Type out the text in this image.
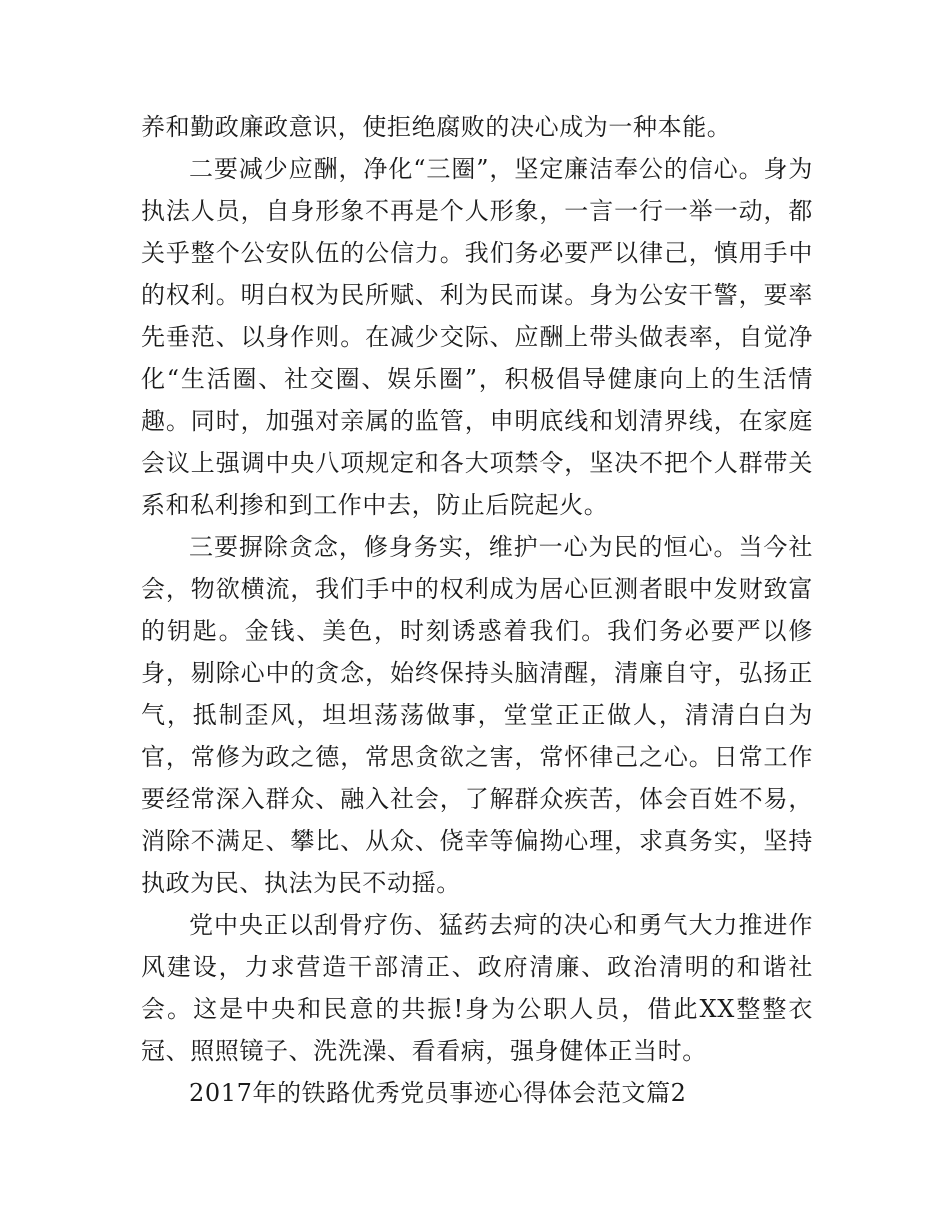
养和勤政廉政意识，使拒绝腐败的决心成为一种本能。

二要减少应酬，净化“三圈”，坚定廉洁奉公的信心。身为执法人员，自身形象不再是个人形象，一言一行一举一动，都关乎整个公安队伍的公信力。我们务必要严以律己，慎用手中的权利。明白权为民所赋、利为民而谋。身为公安干警，要率先垂范、以身作则。在减少交际、应酬上带头做表率，自觉净化“生活圈、社交圈、娱乐圈”，积极倡导健康向上的生活情趣。同时，加强对亲属的监管，申明底线和划清界线，在家庭会议上强调中央八项规定和各大项禁令，坚决不把个人群带关系和私利掺和到工作中去，防止后院起火。

三要摒除贪念，修身务实，维护一心为民的恒心。当今社会，物欲横流，我们手中的权利成为居心叵测者眼中发财致富的钥匙。金钱、美色，时刻诱惑着我们。我们务必要严以修身，剔除心中的贪念，始终保持头脑清醒，清廉自守，弘扬正气，抵制歪风，坦坦荡荡做事，堂堂正正做人，清清白白为官，常修为政之德，常思贪欲之害，常怀律己之心。日常工作要经常深入群众、融入社会，了解群众疾苦，体会百姓不易，消除不满足、攀比、从众、侥幸等偏拗心理，求真务实，坚持执政为民、执法为民不动摇。

党中央正以刮骨疗伤、猛药去疴的决心和勇气大力推进作风建设，力求营造干部清正、政府清廉、政治清明的和谐社会。这是中央和民意的共振!身为公职人员，借此XX整整衣冠、照照镜子、洗洗澡、看看病，强身健体正当时。

2017年的铁路优秀党员事迹心得体会范文篇2
